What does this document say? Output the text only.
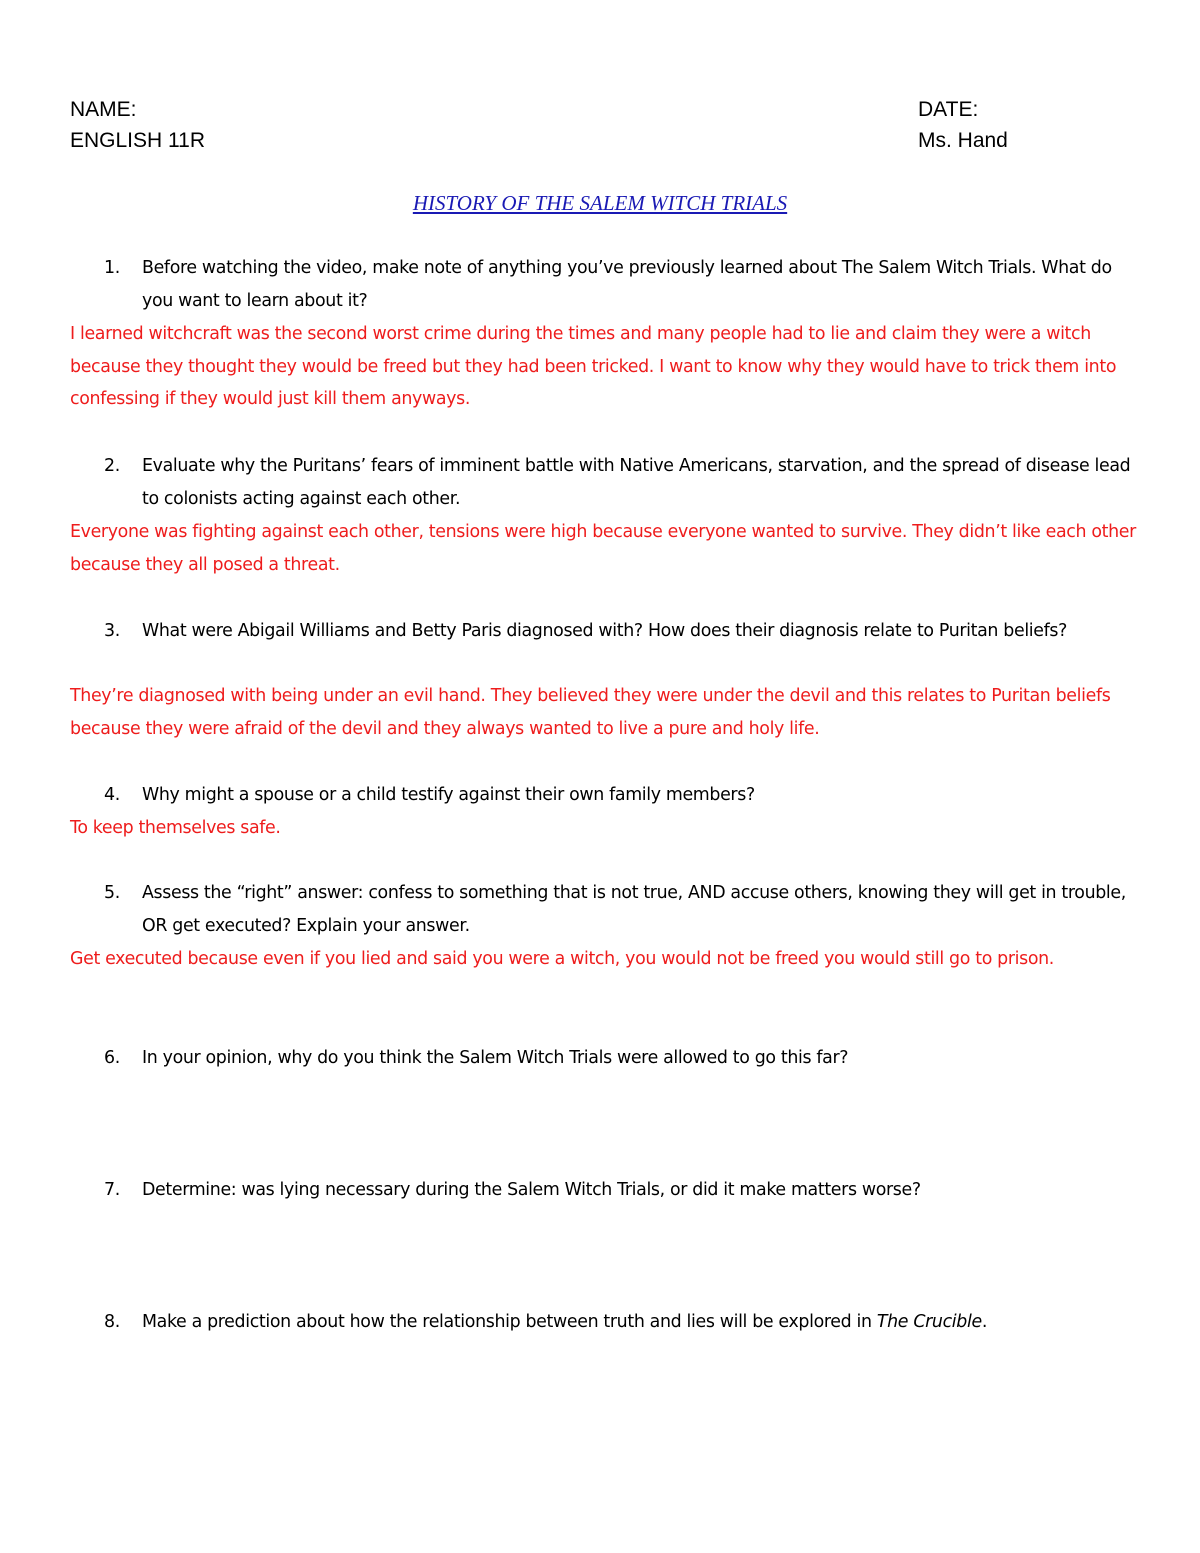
NAME:
ENGLISH 11R
DATE:
Ms. Hand
HISTORY OF THE SALEM WITCH TRIALS
1. Before watching the video, make note of anything you’ve previously learned about The Salem Witch Trials. What do you want to learn about it?
I learned witchcraft was the second worst crime during the times and many people had to lie and claim they were a witch because they thought they would be freed but they had been tricked. I want to know why they would have to trick them into confessing if they would just kill them anyways.
2. Evaluate why the Puritans’ fears of imminent battle with Native Americans, starvation, and the spread of disease lead to colonists acting against each other.
Everyone was fighting against each other, tensions were high because everyone wanted to survive. They didn’t like each other because they all posed a threat.
3. What were Abigail Williams and Betty Paris diagnosed with? How does their diagnosis relate to Puritan beliefs?
They’re diagnosed with being under an evil hand. They believed they were under the devil and this relates to Puritan beliefs because they were afraid of the devil and they always wanted to live a pure and holy life.
4. Why might a spouse or a child testify against their own family members?
To keep themselves safe.
5. Assess the “right” answer: confess to something that is not true, AND accuse others, knowing they will get in trouble, OR get executed? Explain your answer.
Get executed because even if you lied and said you were a witch, you would not be freed you would still go to prison.
6. In your opinion, why do you think the Salem Witch Trials were allowed to go this far?
7. Determine: was lying necessary during the Salem Witch Trials, or did it make matters worse?
8. Make a prediction about how the relationship between truth and lies will be explored in The Crucible.
